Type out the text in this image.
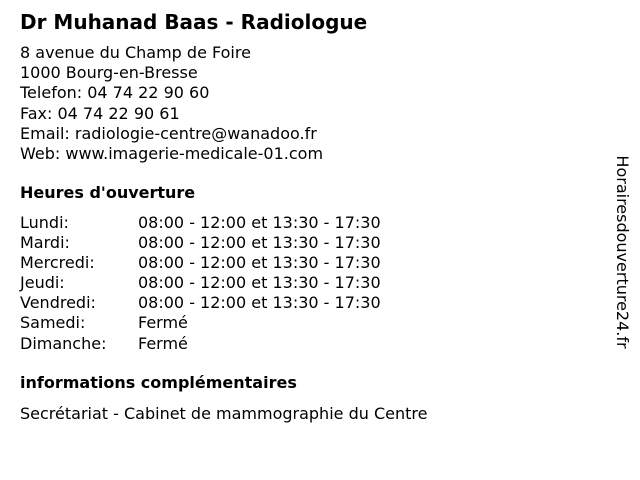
Dr Muhanad Baas - Radiologue
8 avenue du Champ de Foire
1000 Bourg-en-Bresse
Telefon: 04 74 22 90 60
Fax: 04 74 22 90 61
Email: radiologie-centre@wanadoo.fr
Web: www.imagerie-medicale-01.com
Heures d'ouverture
Lundi:	08:00 - 12:00 et 13:30 - 17:30
Mardi:	08:00 - 12:00 et 13:30 - 17:30
Mercredi:	08:00 - 12:00 et 13:30 - 17:30
Jeudi:	08:00 - 12:00 et 13:30 - 17:30
Vendredi:	08:00 - 12:00 et 13:30 - 17:30
Samedi:	Fermé
Dimanche: Fermé
informations complémentaires
Secrétariat - Cabinet de mammographie du Centre
Horairesdouverture24.fr
